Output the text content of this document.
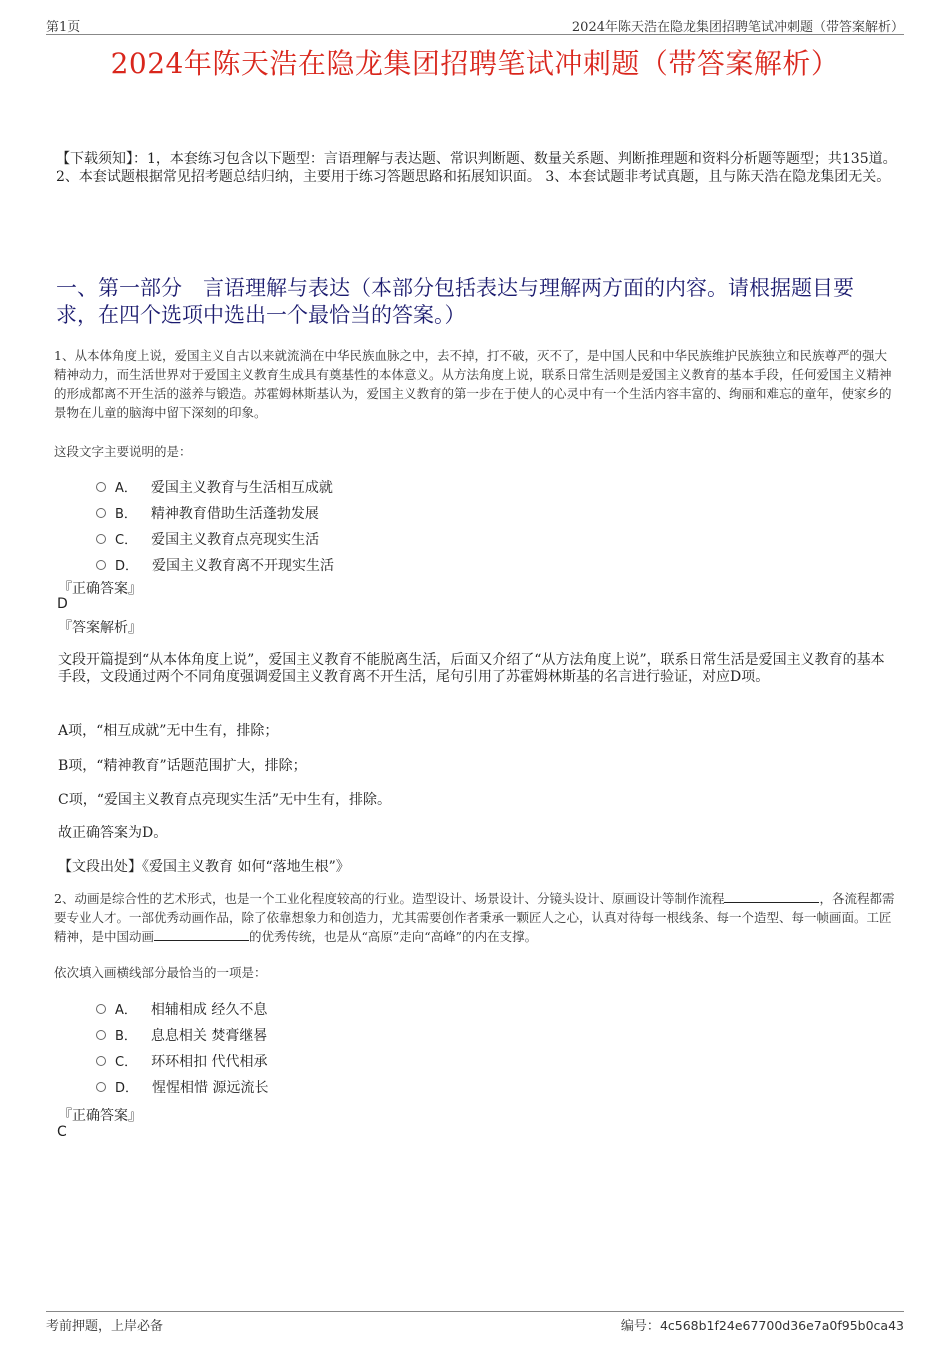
第1页	2024年陈天浩在隐龙集团招聘笔试冲刺题（带答案解析）
2024年陈天浩在隐龙集团招聘笔试冲刺题（带答案解析）
【下载须知】：1，本套练习包含以下题型：言语理解与表达题、常识判断题、数量关系题、判断推理题和资料分析题等题型；共135道。 2、本套试题根据常见招考题总结归纳，主要用于练习答题思路和拓展知识面。 3、本套试题非考试真题，且与陈天浩在隐龙集团无关。
一、第一部分　言语理解与表达（本部分包括表达与理解两方面的内容。请根据题目要求，在四个选项中选出一个最恰当的答案。）
1、从本体角度上说，爱国主义自古以来就流淌在中华民族血脉之中，去不掉，打不破，灭不了，是中国人民和中华民族维护民族独立和民族尊严的强大精神动力，而生活世界对于爱国主义教育生成具有奠基性的本体意义。从方法角度上说，联系日常生活则是爱国主义教育的基本手段，任何爱国主义精神的形成都离不开生活的滋养与锻造。苏霍姆林斯基认为，爱国主义教育的第一步在于使人的心灵中有一个生活内容丰富的、绚丽和难忘的童年，使家乡的景物在儿童的脑海中留下深刻的印象。
这段文字主要说明的是：
A． 爱国主义教育与生活相互成就
B． 精神教育借助生活蓬勃发展
C． 爱国主义教育点亮现实生活
D． 爱国主义教育离不开现实生活
『正确答案』
D
『答案解析』
文段开篇提到“从本体角度上说”，爱国主义教育不能脱离生活，后面又介绍了“从方法角度上说”，联系日常生活是爱国主义教育的基本手段，文段通过两个不同角度强调爱国主义教育离不开生活，尾句引用了苏霍姆林斯基的名言进行验证，对应D项。
A项，“相互成就”无中生有，排除；
B项，“精神教育”话题范围扩大，排除；
C项，“爱国主义教育点亮现实生活”无中生有，排除。
故正确答案为D。
【文段出处】《爱国主义教育 如何“落地生根”》
2、动画是综合性的艺术形式，也是一个工业化程度较高的行业。造型设计、场景设计、分镜头设计、原画设计等制作流程	，各流程都需要专业人才。一部优秀动画作品，除了依靠想象力和创造力，尤其需要创作者秉承一颗匠人之心，认真对待每一根线条、每一个造型、每一帧画面。工匠精神，是中国动画	的优秀传统，也是从“高原”走向“高峰”的内在支撑。
依次填入画横线部分最恰当的一项是：
A． 相辅相成 经久不息
B． 息息相关 焚膏继晷
C． 环环相扣 代代相承
D． 惺惺相惜 源远流长
『正确答案』
C
考前押题，上岸必备	编号：4c568b1f24e67700d36e7a0f95b0ca43
